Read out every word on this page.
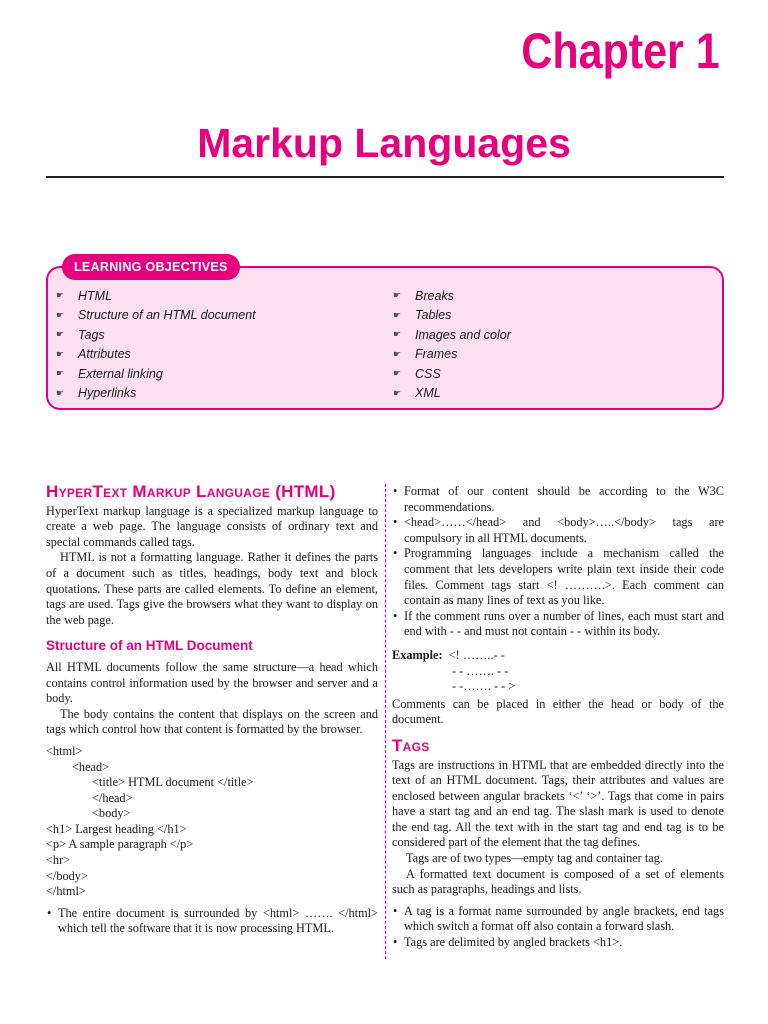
Chapter 1
Markup Languages
LEARNING OBJECTIVES
☛	HTML
☛	Structure of an HTML document
☛	Tags
☛	Attributes
☛	External linking
☛	Hyperlinks
☛	Breaks
☛	Tables
☛	Images and color
☛	Frames
☛	CSS
☛	XML
HyperText Markup Language (HTML)

HyperText markup language is a specialized markup language to create a web page. The language consists of ordinary text and special commands called tags.

HTML is not a formatting language. Rather it defines the parts of a document such as titles, headings, body text and block quotations. These parts are called elements. To define an element, tags are used. Tags give the browsers what they want to display on the web page.

Structure of an HTML Document

All HTML documents follow the same structure—a head which contains control information used by the browser and server and a body.

The body contains the content that displays on the screen and tags which control how that content is formatted by the browser.

<html>
<head>
<title> HTML document </title>
</head>
<body>
<h1> Largest heading </h1>
<p> A sample paragraph </p>
<hr>
</body>
</html>
• The entire document is surrounded by <html> ……. </html> which tell the software that it is now processing HTML.
• Format of our content should be according to the W3C recommendations.
• <head>……</head> and <body>…..</body> tags are compulsory in all HTML documents.
• Programming languages include a mechanism called the comment that lets developers write plain text inside their code files. Comment tags start <! ……….>. Each comment can contain as many lines of text as you like.
• If the comment runs over a number of lines, each must start and end with - - and must not contain - - within its body.
Example: <! ……..- -
- - ……. - -
- -……. - - >

Comments can be placed in either the head or body of the document.

Tags

Tags are instructions in HTML that are embedded directly into the text of an HTML document. Tags, their attributes and values are enclosed between angular brackets ‘<’ ‘>’. Tags that come in pairs have a start tag and an end tag. The slash mark is used to denote the end tag. All the text with in the start tag and end tag is to be considered part of the element that the tag defines.

Tags are of two types—empty tag and container tag.

A formatted text document is composed of a set of elements such as paragraphs, headings and lists.

• A tag is a format name surrounded by angle brackets, end tags which switch a format off also contain a forward slash.
• Tags are delimited by angled brackets <h1>.
